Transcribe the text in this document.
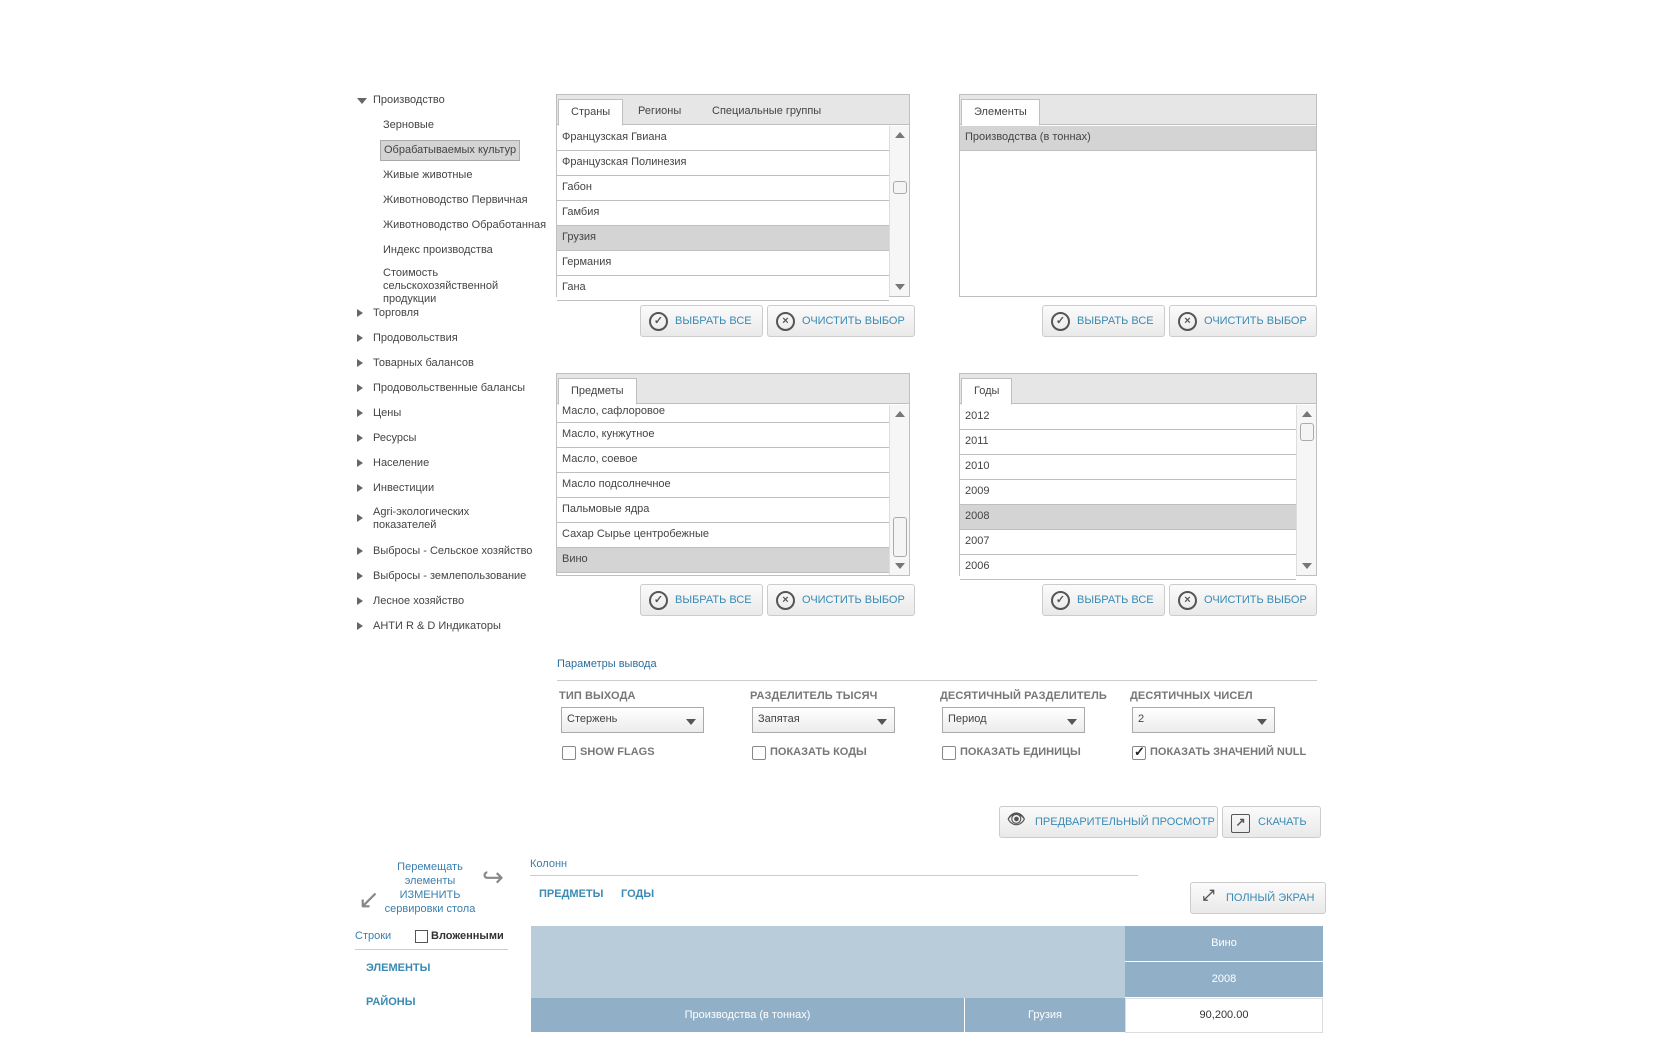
Производство
Зерновые
Обрабатываемых культур
Живые животные
Животноводство Первичная
Животноводство Обработанная
Индекс производства
Стоимость сельскохозяйственной продукции
Торговля
Продовольствия
Товарных балансов
Продовольственные балансы
Цены
Ресурсы
Население
Инвестиции
Agri-экологических показателей
Выбросы - Сельское хозяйство
Выбросы - землепользование
Лесное хозяйство
АНТИ R & D Индикаторы
Страны	Регионы	Специальные группы
Французская Гвиана
Французская Полинезия
Габон
Гамбия
Грузия
Германия
Гана
✓	ВЫБРАТЬ ВСЕ	×	ОЧИСТИТЬ ВЫБОР
Элементы
Производства (в тоннах)
✓	ВЫБРАТЬ ВСЕ	×	ОЧИСТИТЬ ВЫБОР
Предметы
Масло, сафлоровое
Масло, кунжутное
Масло, соевое
Масло подсолнечное
Пальмовые ядра
Сахар Сырье центробежные
Вино
✓	ВЫБРАТЬ ВСЕ	×	ОЧИСТИТЬ ВЫБОР
Годы
2012
2011
2010
2009
2008
2007
2006
✓	ВЫБРАТЬ ВСЕ	×	ОЧИСТИТЬ ВЫБОР
Параметры вывода
ТИП ВЫХОДА	РАЗДЕЛИТЕЛЬ ТЫСЯЧ	ДЕСЯТИЧНЫЙ РАЗДЕЛИТЕЛЬ ДЕСЯТИЧНЫХ ЧИСЕЛ
Стержень	Запятая	Период	2
SHOW FLAGS	ПОКАЗАТЬ КОДЫ	ПОКАЗАТЬ ЕДИНИЦЫ
✓	ПОКАЗАТЬ ЗНАЧЕНИЙ NULL
👁 ПРЕДВАРИТЕЛЬНЫЙ ПРОСМОТР	↗	СКАЧАТЬ
↙
Перемещать элементы ИЗМЕНИТЬ сервировки стола
↪ Колонн
ПРЕДМЕТЫ ГОДЫ	⤢	ПОЛНЫЙ ЭКРАН
Строки	Вложенными
ЭЛЕМЕНТЫ
РАЙОНЫ
Вино
2008
Производства (в тоннах)	Грузия	90,200.00
